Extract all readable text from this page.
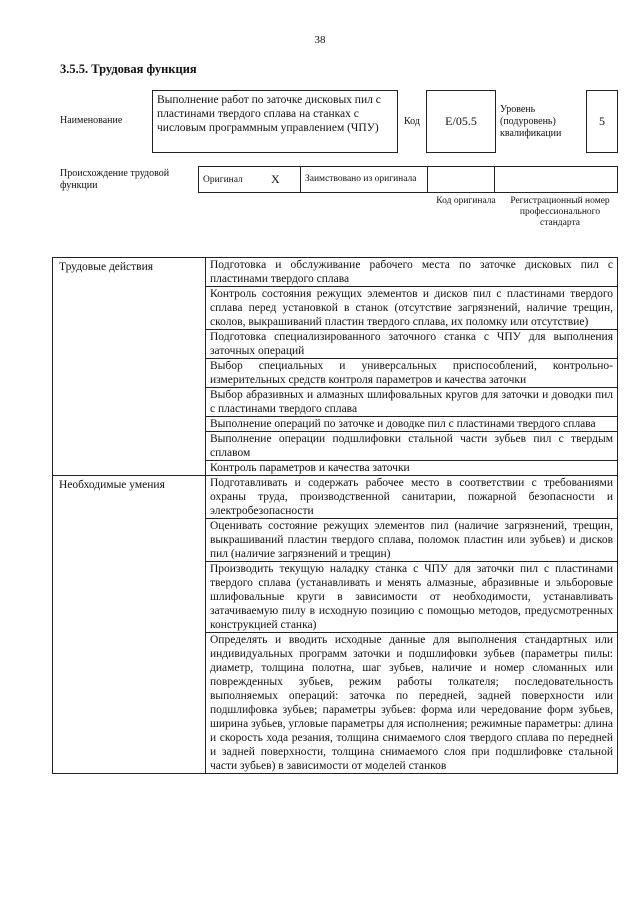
38
3.5.5. Трудовая функция
Наименование
Выполнение работ по заточке дисковых пил с пластинами твердого сплава на станках с числовым программным управлением (ЧПУ)
Код	E/05.5
Уровень (подуровень) квалификации
5
Происхождение трудовой функции
Оригинал	X	Заимствовано из оригинала		
Код оригинала	Регистрационный номер профессионального стандарта
Трудовые действия	Подготовка и обслуживание рабочего места по заточке дисковых пил с пластинами твердого сплава
	Контроль состояния режущих элементов и дисков пил с пластинами твердого сплава перед установкой в станок (отсутствие загрязнений, наличие трещин, сколов, выкрашиваний пластин твердого сплава, их поломку или отсутствие)
	Подготовка специализированного заточного станка с ЧПУ для выполнения заточных операций
	Выбор специальных и универсальных приспособлений, контрольно-измерительных средств контроля параметров и качества заточки
	Выбор абразивных и алмазных шлифовальных кругов для заточки и доводки пил с пластинами твердого сплава
	Выполнение операций по заточке и доводке пил с пластинами твердого сплава
	Выполнение операции подшлифовки стальной части зубьев пил с твердым сплавом
	Контроль параметров и качества заточки
Необходимые умения	Подготавливать и содержать рабочее место в соответствии с требованиями охраны труда, производственной санитарии, пожарной безопасности и электробезопасности
	Оценивать состояние режущих элементов пил (наличие загрязнений, трещин, выкрашиваний пластин твердого сплава, поломок пластин или зубьев) и дисков пил (наличие загрязнений и трещин)
	Производить текущую наладку станка с ЧПУ для заточки пил с пластинами твердого сплава (устанавливать и менять алмазные, абразивные и эльборовые шлифовальные круги в зависимости от необходимости, устанавливать затачиваемую пилу в исходную позицию с помощью методов, предусмотренных конструкцией станка)
	Определять и вводить исходные данные для выполнения стандартных или индивидуальных программ заточки и подшлифовки зубьев (параметры пилы: диаметр, толщина полотна, шаг зубьев, наличие и номер сломанных или поврежденных зубьев, режим работы толкателя; последовательность выполняемых операций: заточка по передней, задней поверхности или подшлифовка зубьев; параметры зубьев: форма или чередование форм зубьев, ширина зубьев, угловые параметры для исполнения; режимные параметры: длина и скорость хода резания, толщина снимаемого слоя твердого сплава по передней и задней поверхности, толщина снимаемого слоя при подшлифовке стальной части зубьев) в зависимости от моделей станков
